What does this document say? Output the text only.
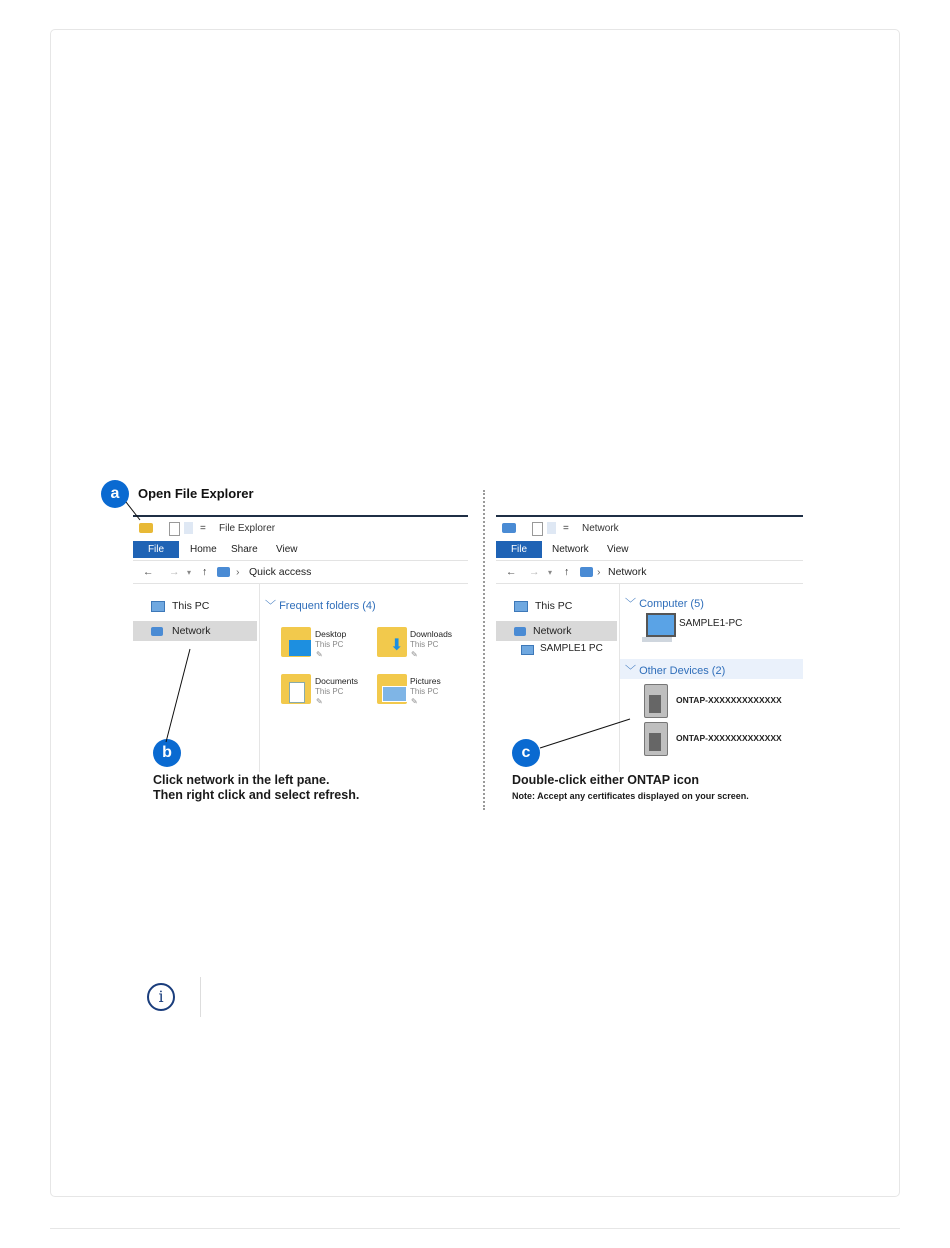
a	Open File Explorer
= File Explorer
File	Home Share View
← → ▾ ↑	› Quick access
This PC
Network
﹀ Frequent folders (4)
Desktop
This PC
✎
⬇
Downloads
This PC
✎
Documents
This PC
✎
Pictures
This PC
✎
b
Click network in the left pane.
Then right click and select refresh.
= Network
File	Network View
← → ▾ ↑	› Network
This PC
Network
SAMPLE1 PC
﹀ Computer (5)
SAMPLE1-PC
﹀ Other Devices (2)
ONTAP-XXXXXXXXXXXXX
ONTAP-XXXXXXXXXXXXX
c
Double-click either ONTAP icon
Note: Accept any certificates displayed on your screen.
i
